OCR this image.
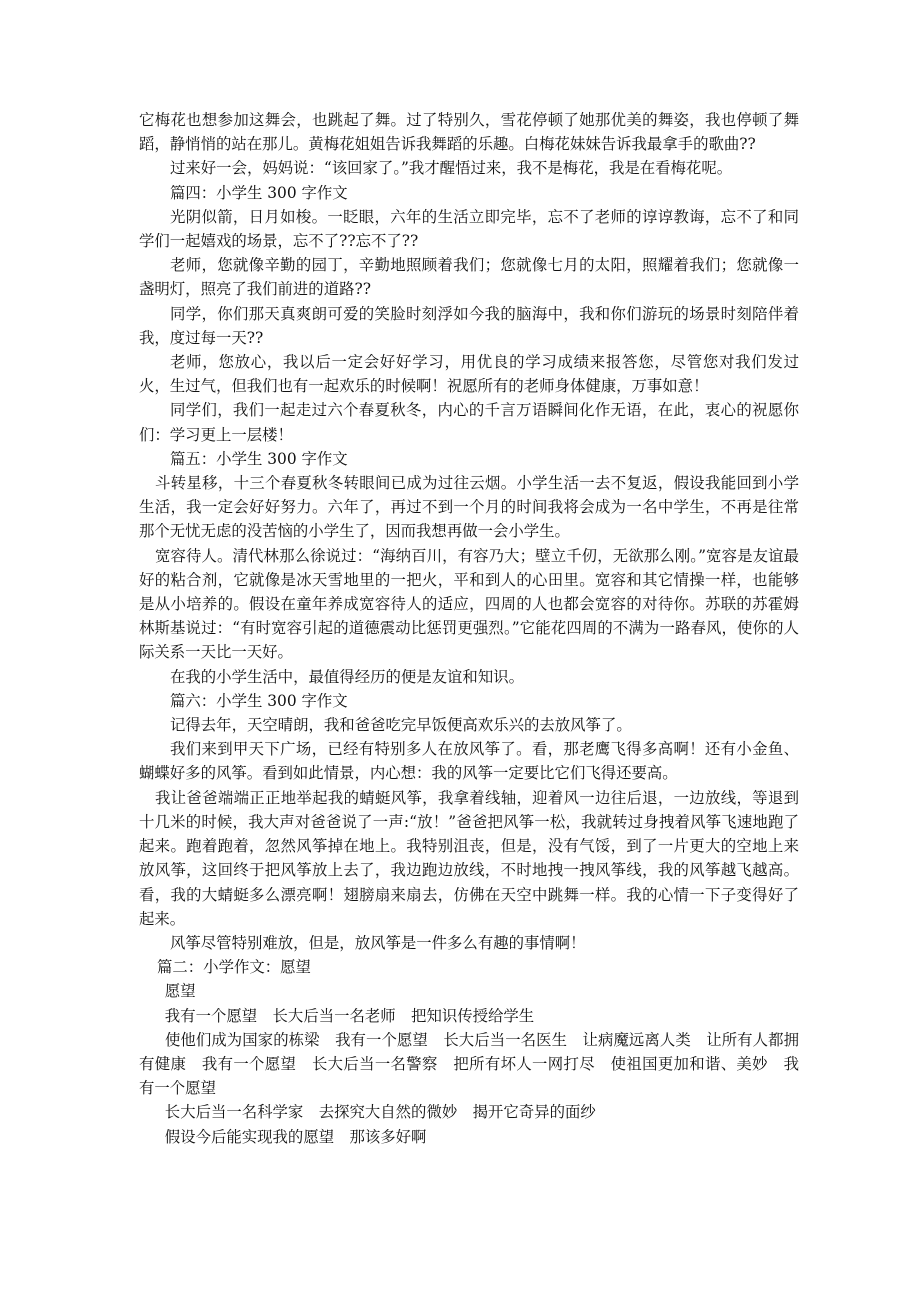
它梅花也想参加这舞会，也跳起了舞。过了特别久，雪花停顿了她那优美的舞姿，我也停顿了舞蹈，静悄悄的站在那儿。黄梅花姐姐告诉我舞蹈的乐趣。白梅花妹妹告诉我最拿手的歌曲??

过来好一会，妈妈说：“该回家了。”我才醒悟过来，我不是梅花，我是在看梅花呢。

篇四：小学生 300 字作文

光阴似箭，日月如梭。一眨眼，六年的生活立即完毕，忘不了老师的谆谆教诲，忘不了和同学们一起嬉戏的场景，忘不了??忘不了??

老师，您就像辛勤的园丁，辛勤地照顾着我们；您就像七月的太阳，照耀着我们；您就像一盏明灯，照亮了我们前进的道路??

同学，你们那天真爽朗可爱的笑脸时刻浮如今我的脑海中，我和你们游玩的场景时刻陪伴着我，度过每一天??

老师，您放心，我以后一定会好好学习，用优良的学习成绩来报答您，尽管您对我们发过火，生过气，但我们也有一起欢乐的时候啊！祝愿所有的老师身体健康，万事如意！

同学们，我们一起走过六个春夏秋冬，内心的千言万语瞬间化作无语，在此，衷心的祝愿你们：学习更上一层楼！

篇五：小学生 300 字作文

斗转星移，十三个春夏秋冬转眼间已成为过往云烟。小学生活一去不复返，假设我能回到小学生活，我一定会好好努力。六年了，再过不到一个月的时间我将会成为一名中学生，不再是往常那个无忧无虑的没苦恼的小学生了，因而我想再做一会小学生。

宽容待人。清代林那么徐说过：“海纳百川，有容乃大；壁立千仞，无欲那么刚。”宽容是友谊最好的粘合剂，它就像是冰天雪地里的一把火，平和到人的心田里。宽容和其它情操一样，也能够是从小培养的。假设在童年养成宽容待人的适应，四周的人也都会宽容的对待你。苏联的苏霍姆林斯基说过：“有时宽容引起的道德震动比惩罚更强烈。”它能花四周的不满为一路春风，使你的人际关系一天比一天好。

在我的小学生活中，最值得经历的便是友谊和知识。

篇六：小学生 300 字作文

记得去年，天空晴朗，我和爸爸吃完早饭便高欢乐兴的去放风筝了。

我们来到甲天下广场，已经有特别多人在放风筝了。看，那老鹰飞得多高啊！还有小金鱼、蝴蝶好多的风筝。看到如此情景，内心想：我的风筝一定要比它们飞得还要高。

我让爸爸端端正正地举起我的蜻蜓风筝，我拿着线轴，迎着风一边往后退，一边放线，等退到十几米的时候，我大声对爸爸说了一声:“放！”爸爸把风筝一松，我就转过身拽着风筝飞速地跑了起来。跑着跑着，忽然风筝掉在地上。我特别沮丧，但是，没有气馁，到了一片更大的空地上来放风筝，这回终于把风筝放上去了，我边跑边放线，不时地拽一拽风筝线，我的风筝越飞越高。看，我的大蜻蜓多么漂亮啊！翅膀扇来扇去，仿佛在天空中跳舞一样。我的心情一下子变得好了起来。

风筝尽管特别难放，但是，放风筝是一件多么有趣的事情啊！

篇二：小学作文：愿望

愿望

我有一个愿望　长大后当一名老师　把知识传授给学生

使他们成为国家的栋梁　我有一个愿望　长大后当一名医生　让病魔远离人类　让所有人都拥有健康　我有一个愿望　长大后当一名警察　把所有坏人一网打尽　使祖国更加和谐、美妙　我有一个愿望

长大后当一名科学家　去探究大自然的微妙　揭开它奇异的面纱

假设今后能实现我的愿望　那该多好啊
